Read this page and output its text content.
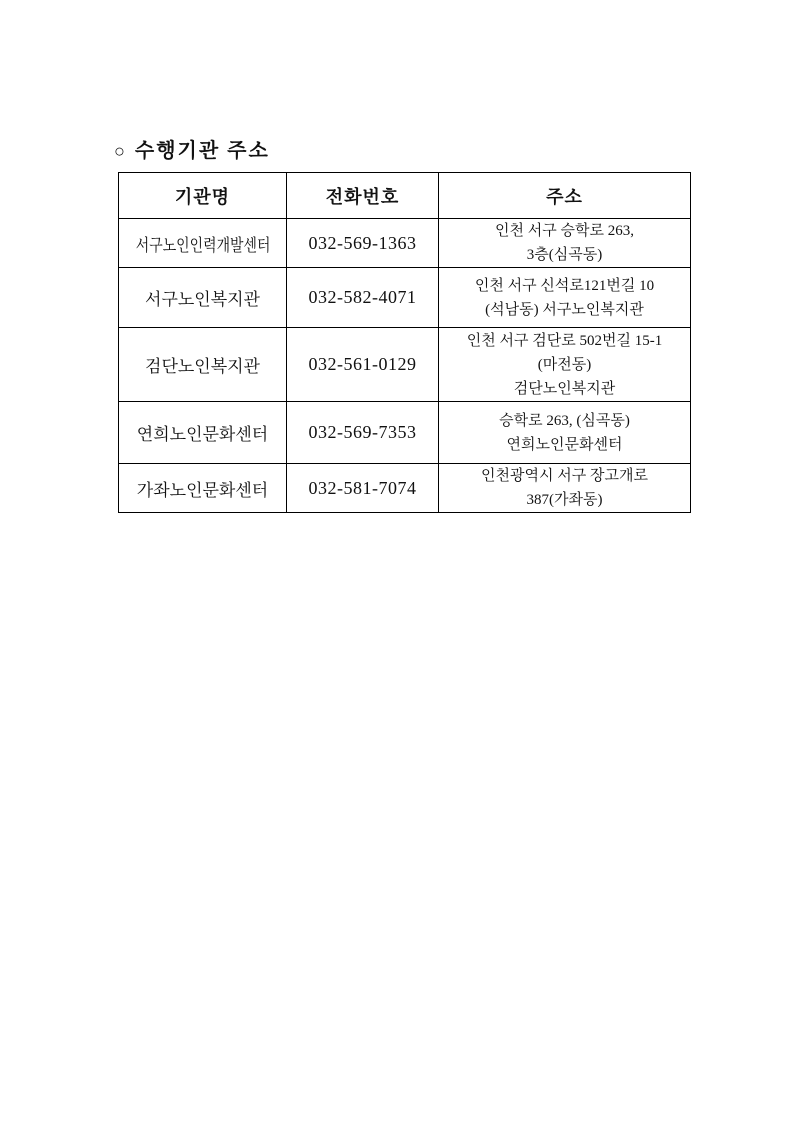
○ 수행기관 주소
기관명	전화번호	주소
서구노인인력개발센터	032-569-1363	인천 서구 승학로 263,
3층(심곡동)

서구노인복지관	032-582-4071	인천 서구 신석로121번길 10
(석남동) 서구노인복지관

검단노인복지관	032-561-0129	인천 서구 검단로 502번길 15-1
(마전동)
검단노인복지관

연희노인문화센터	032-569-7353	승학로 263, (심곡동)
연희노인문화센터

가좌노인문화센터	032-581-7074	인천광역시 서구 장고개로
387(가좌동)
